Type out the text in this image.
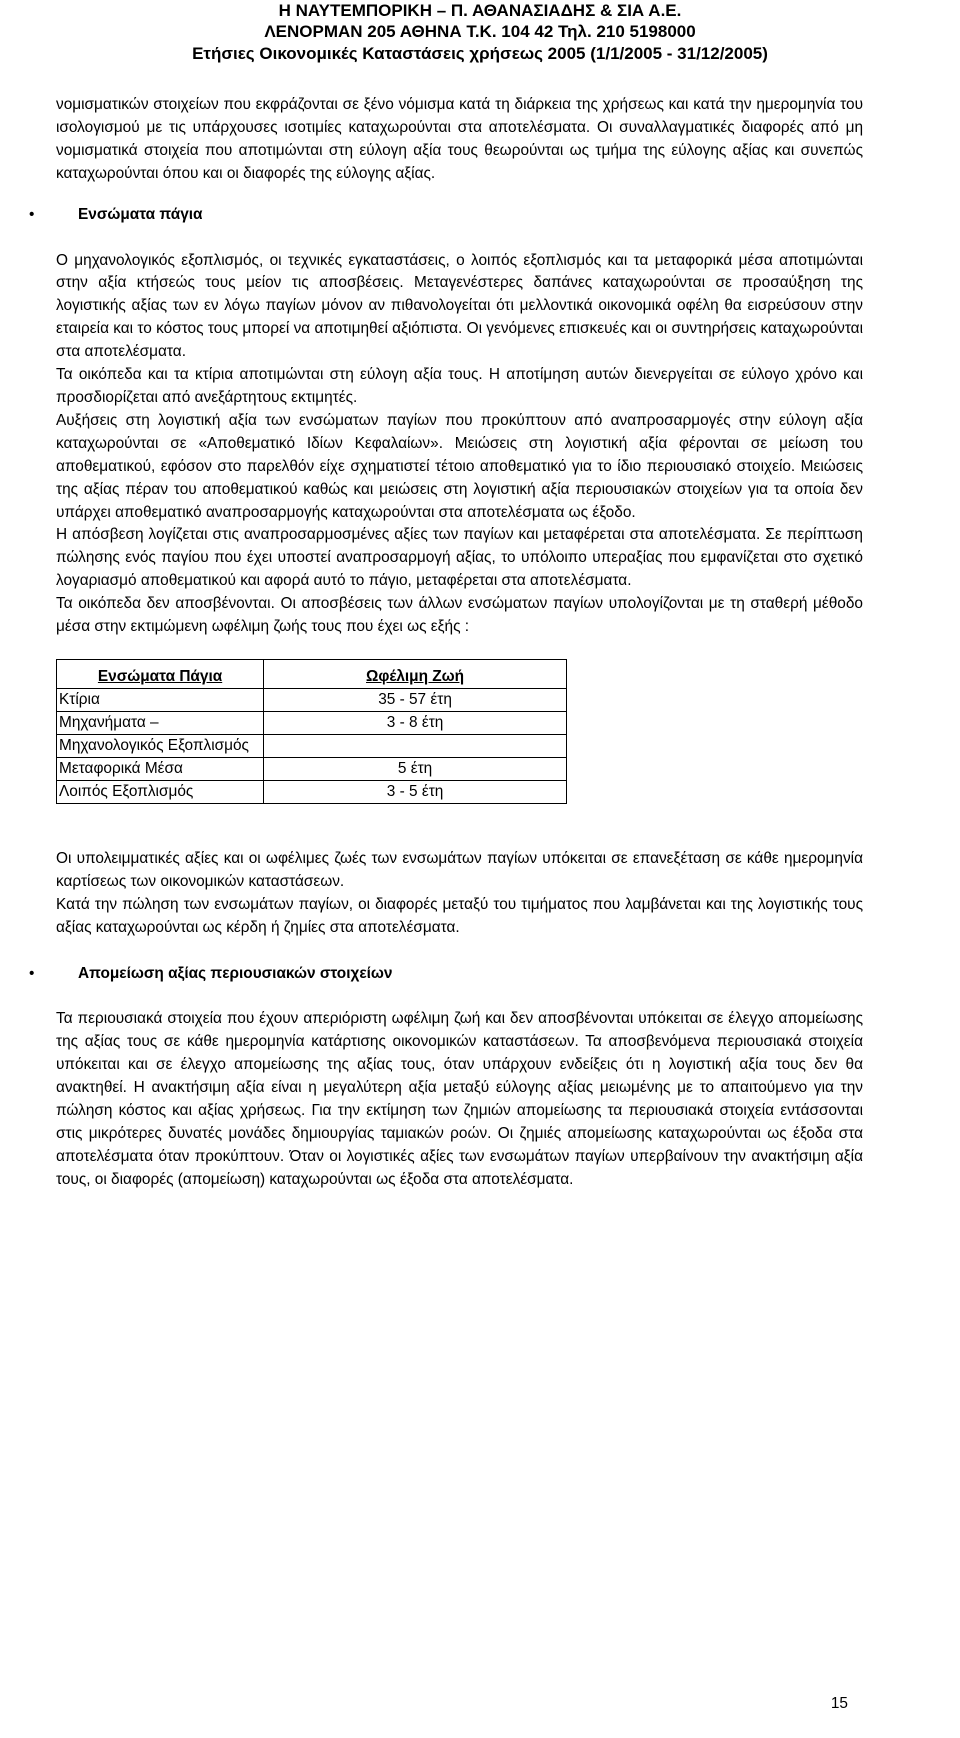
Η ΝΑΥΤΕΜΠΟΡΙΚΗ – Π. ΑΘΑΝΑΣΙΑΔΗΣ & ΣΙΑ Α.Ε.
ΛΕΝΟΡΜΑΝ 205 ΑΘΗΝΑ Τ.Κ. 104 42 Τηλ. 210 5198000
Ετήσιες Οικονομικές Καταστάσεις χρήσεως 2005 (1/1/2005 - 31/12/2005)

νομισματικών στοιχείων που εκφράζονται σε ξένο νόμισμα κατά τη διάρκεια της χρήσεως και κατά την ημερομηνία του ισολογισμού με τις υπάρχουσες ισοτιμίες καταχωρούνται στα αποτελέσματα. Οι συναλλαγματικές διαφορές από μη νομισματικά στοιχεία που αποτιμώνται στη εύλογη αξία τους θεωρούνται ως τμήμα της εύλογης αξίας και συνεπώς καταχωρούνται όπου και οι διαφορές της εύλογης αξίας.

• Ενσώματα πάγια

Ο μηχανολογικός εξοπλισμός, οι τεχνικές εγκαταστάσεις, ο λοιπός εξοπλισμός και τα μεταφορικά μέσα αποτιμώνται στην αξία κτήσεώς τους μείον τις αποσβέσεις. Μεταγενέστερες δαπάνες καταχωρούνται σε προσαύξηση της λογιστικής αξίας των εν λόγω παγίων μόνον αν πιθανολογείται ότι μελλοντικά οικονομικά οφέλη θα εισρεύσουν στην εταιρεία και το κόστος τους μπορεί να αποτιμηθεί αξιόπιστα. Οι γενόμενες επισκευές και οι συντηρήσεις καταχωρούνται στα αποτελέσματα.

Τα οικόπεδα και τα κτίρια αποτιμώνται στη εύλογη αξία τους. Η αποτίμηση αυτών διενεργείται σε εύλογο χρόνο και προσδιορίζεται από ανεξάρτητους εκτιμητές.

Αυξήσεις στη λογιστική αξία των ενσώματων παγίων που προκύπτουν από αναπροσαρμογές στην εύλογη αξία καταχωρούνται σε «Αποθεματικό Ιδίων Κεφαλαίων». Μειώσεις στη λογιστική αξία φέρονται σε μείωση του αποθεματικού, εφόσον στο παρελθόν είχε σχηματιστεί τέτοιο αποθεματικό για το ίδιο περιουσιακό στοιχείο. Μειώσεις της αξίας πέραν του αποθεματικού καθώς και μειώσεις στη λογιστική αξία περιουσιακών στοιχείων για τα οποία δεν υπάρχει αποθεματικό αναπροσαρμογής καταχωρούνται στα αποτελέσματα ως έξοδο.

Η απόσβεση λογίζεται στις αναπροσαρμοσμένες αξίες των παγίων και μεταφέρεται στα αποτελέσματα. Σε περίπτωση πώλησης ενός παγίου που έχει υποστεί αναπροσαρμογή αξίας, το υπόλοιπο υπεραξίας που εμφανίζεται στο σχετικό λογαριασμό αποθεματικού και αφορά αυτό το πάγιο, μεταφέρεται στα αποτελέσματα.

Τα οικόπεδα δεν αποσβένονται. Οι αποσβέσεις των άλλων ενσώματων παγίων υπολογίζονται με τη σταθερή μέθοδο μέσα στην εκτιμώμενη ωφέλιμη ζωής τους που έχει ως εξής :

Ενσώματα Πάγια	Ωφέλιμη Ζωή
Κτίρια	35 - 57 έτη
Μηχανήματα –	3 - 8 έτη
Μηχανολογικός Εξοπλισμός	
Μεταφορικά Μέσα	5 έτη
Λοιπός Εξοπλισμός	3 - 5 έτη

Οι υπολειμματικές αξίες και οι ωφέλιμες ζωές των ενσωμάτων παγίων υπόκειται σε επανεξέταση σε κάθε ημερομηνία καρτίσεως των οικονομικών καταστάσεων.

Κατά την πώληση των ενσωμάτων παγίων, οι διαφορές μεταξύ του τιμήματος που λαμβάνεται και της λογιστικής τους αξίας καταχωρούνται ως κέρδη ή ζημίες στα αποτελέσματα.

• Απομείωση αξίας περιουσιακών στοιχείων

Τα περιουσιακά στοιχεία που έχουν απεριόριστη ωφέλιμη ζωή και δεν αποσβένονται υπόκειται σε έλεγχο απομείωσης της αξίας τους σε κάθε ημερομηνία κατάρτισης οικονομικών καταστάσεων. Τα αποσβενόμενα περιουσιακά στοιχεία υπόκειται και σε έλεγχο απομείωσης της αξίας τους, όταν υπάρχουν ενδείξεις ότι η λογιστική αξία τους δεν θα ανακτηθεί. Η ανακτήσιμη αξία είναι η μεγαλύτερη αξία μεταξύ εύλογης αξίας μειωμένης με το απαιτούμενο για την πώληση κόστος και αξίας χρήσεως. Για την εκτίμηση των ζημιών απομείωσης τα περιουσιακά στοιχεία εντάσσονται στις μικρότερες δυνατές μονάδες δημιουργίας ταμιακών ροών. Οι ζημιές απομείωσης καταχωρούνται ως έξοδα στα αποτελέσματα όταν προκύπτουν. Όταν οι λογιστικές αξίες των ενσωμάτων παγίων υπερβαίνουν την ανακτήσιμη αξία τους, οι διαφορές (απομείωση) καταχωρούνται ως έξοδα στα αποτελέσματα.

15
